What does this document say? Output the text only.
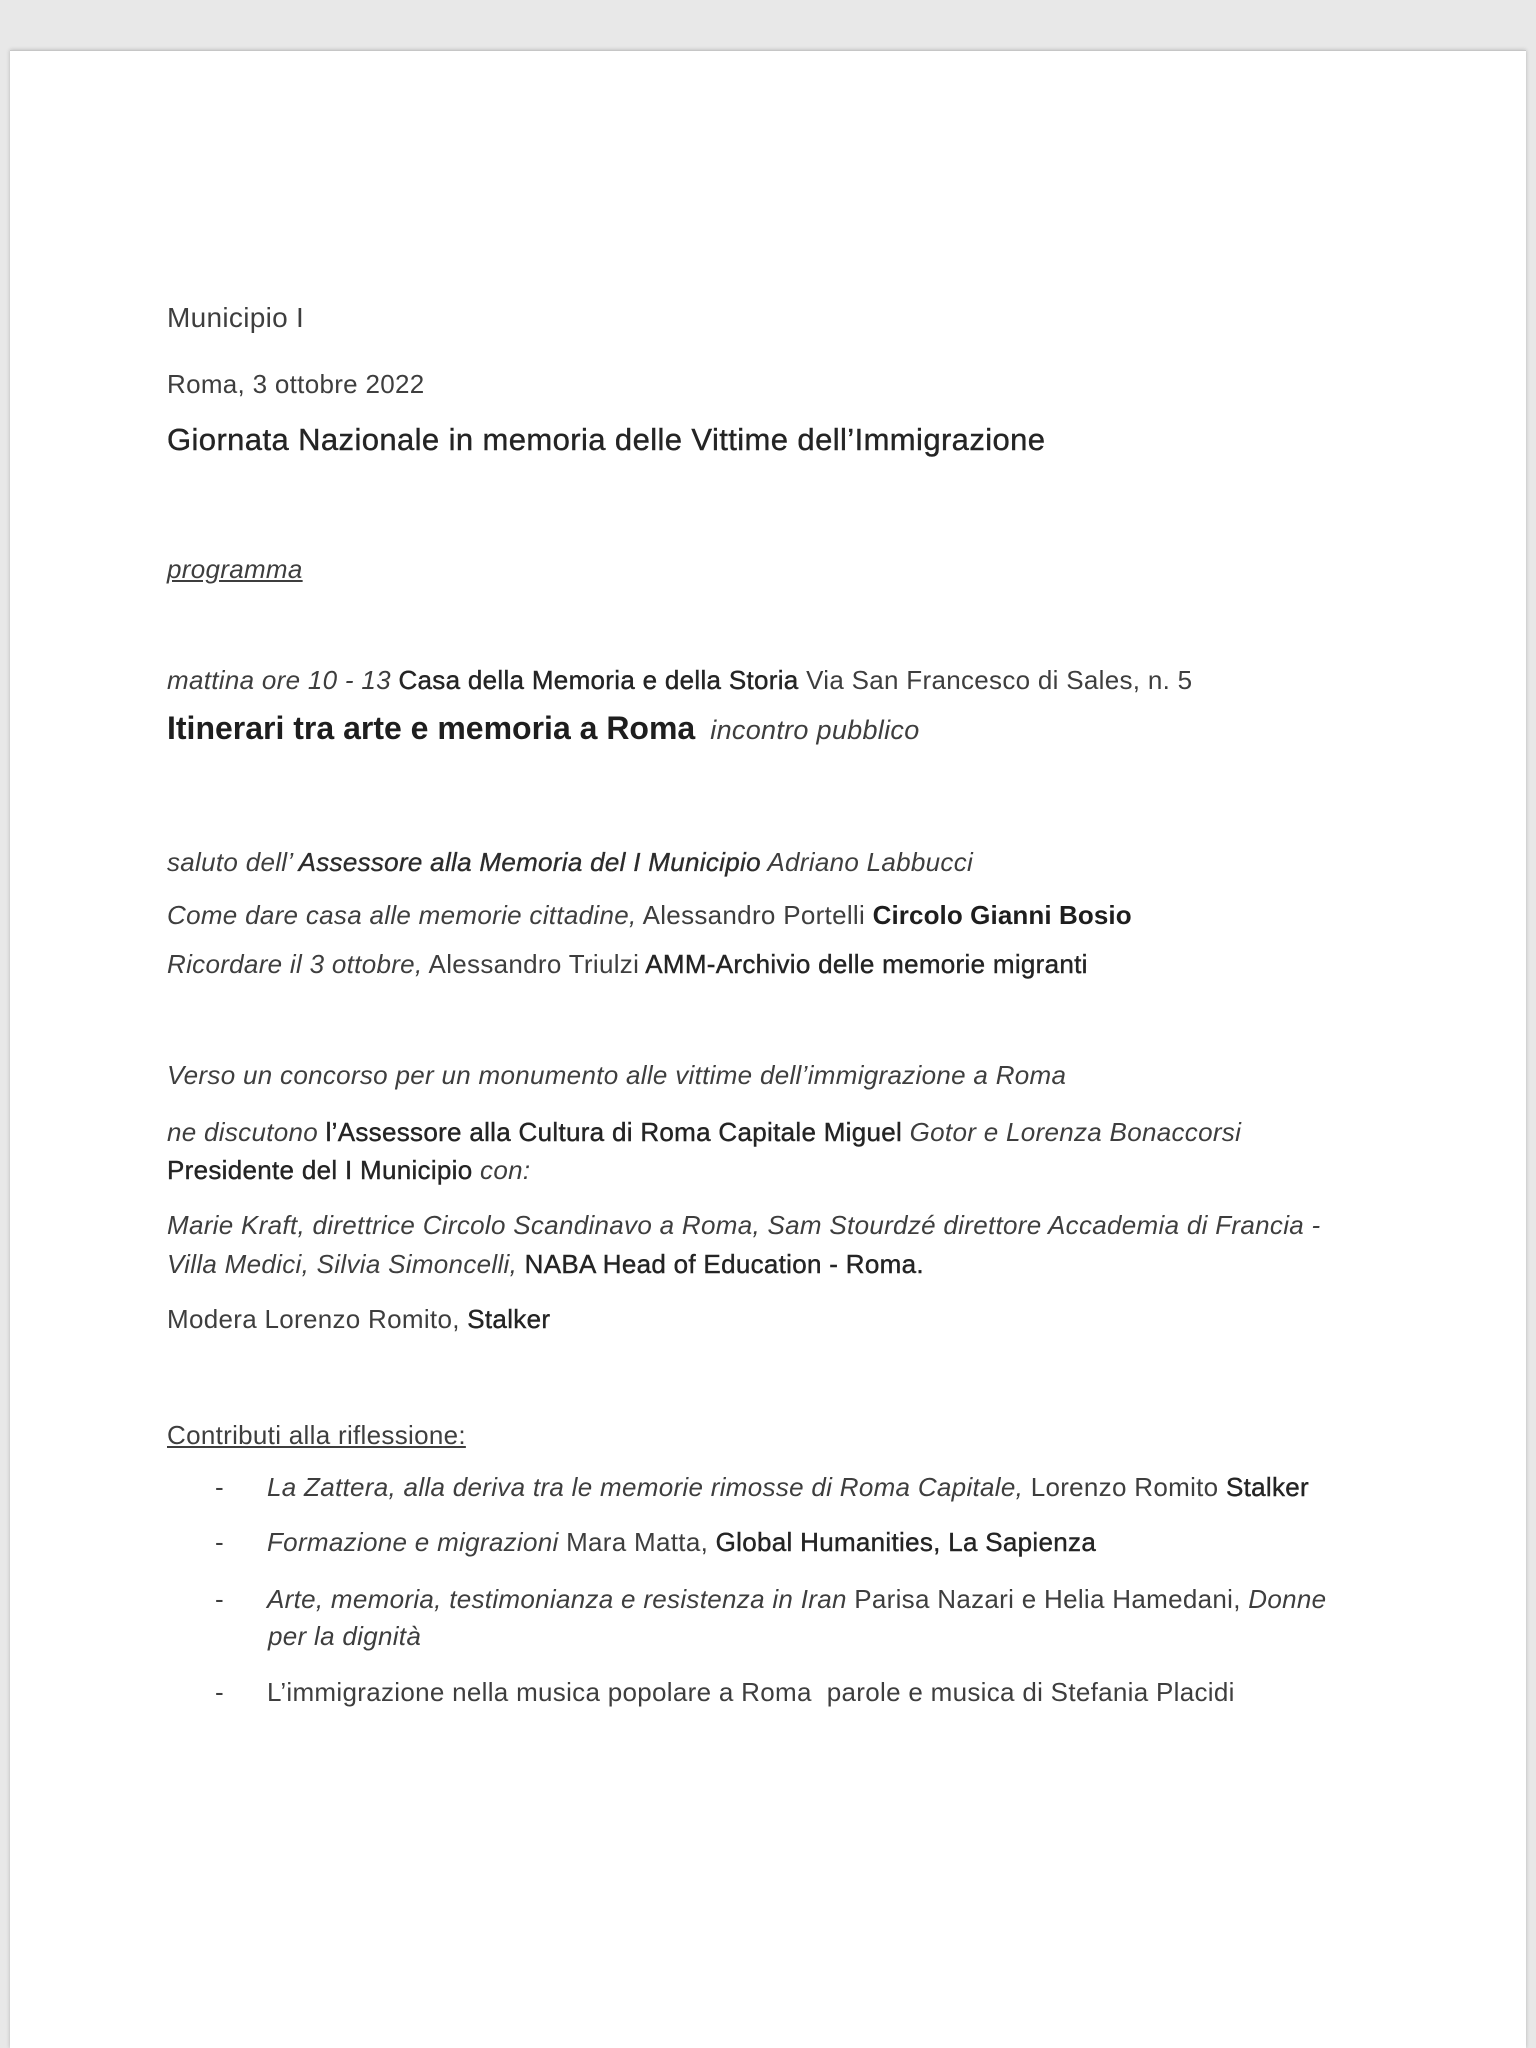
Municipio I
Roma, 3 ottobre 2022
Giornata Nazionale in memoria delle Vittime dell’Immigrazione
programma
mattina ore 10 - 13 Casa della Memoria e della Storia Via San Francesco di Sales, n. 5
Itinerari tra arte e memoria a Roma incontro pubblico
saluto dell’ Assessore alla Memoria del I Municipio Adriano Labbucci
Come dare casa alle memorie cittadine, Alessandro Portelli Circolo Gianni Bosio
Ricordare il 3 ottobre, Alessandro Triulzi AMM-Archivio delle memorie migranti
Verso un concorso per un monumento alle vittime dell’immigrazione a Roma
ne discutono l’Assessore alla Cultura di Roma Capitale Miguel Gotor e Lorenza Bonaccorsi
Presidente del I Municipio con:
Marie Kraft, direttrice Circolo Scandinavo a Roma, Sam Stourdzé direttore Accademia di Francia -
Villa Medici, Silvia Simoncelli, NABA Head of Education - Roma.
Modera Lorenzo Romito, Stalker
Contributi alla riflessione:
- La Zattera, alla deriva tra le memorie rimosse di Roma Capitale, Lorenzo Romito Stalker
- Formazione e migrazioni Mara Matta, Global Humanities, La Sapienza
- Arte, memoria, testimonianza e resistenza in Iran Parisa Nazari e Helia Hamedani, Donne
per la dignità
- L’immigrazione nella musica popolare a Roma  parole e musica di Stefania Placidi
